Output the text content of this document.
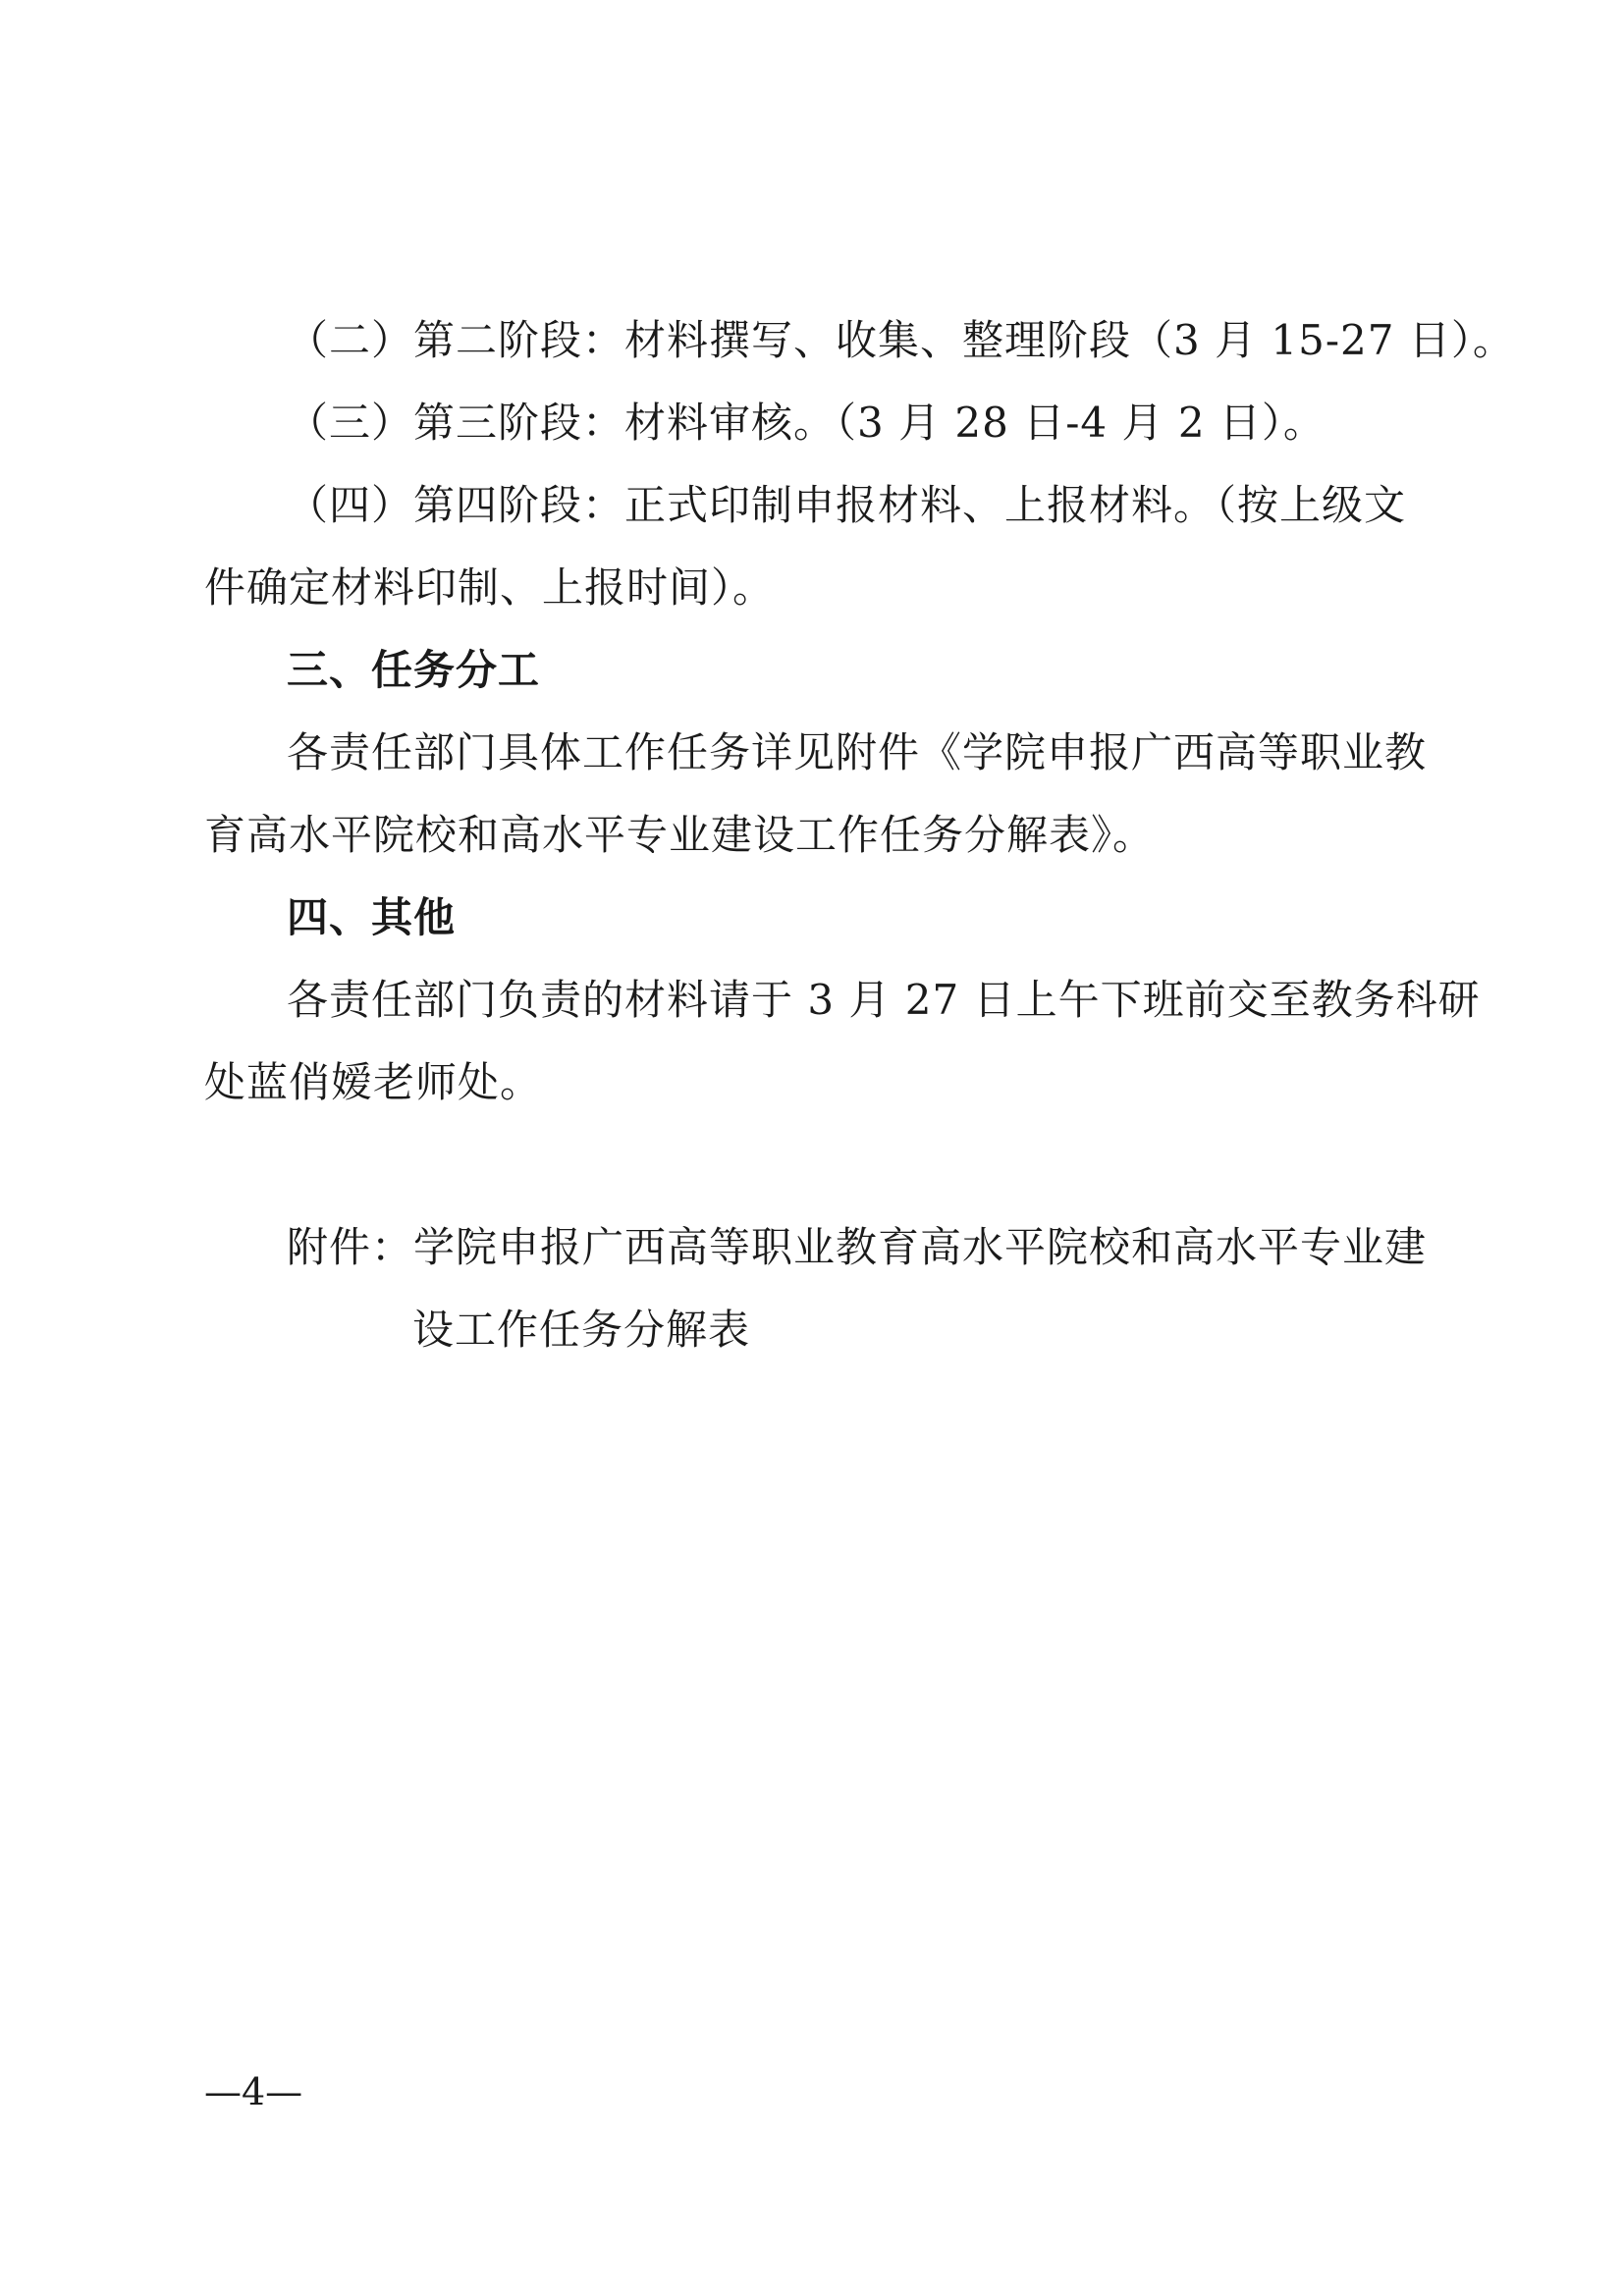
（二）第二阶段：材料撰写、收集、整理阶段（3 月 15-27 日）。
（三）第三阶段：材料审核。（3 月 28 日-4 月 2 日）。
（四）第四阶段：正式印制申报材料、上报材料。（按上级文
件确定材料印制、上报时间）。
三、任务分工
各责任部门具体工作任务详见附件《学院申报广西高等职业教
育高水平院校和高水平专业建设工作任务分解表》。
四、其他
各责任部门负责的材料请于 3 月 27 日上午下班前交至教务科研
处蓝俏嫒老师处。
附件：学院申报广西高等职业教育高水平院校和高水平专业建
设工作任务分解表
—4—
